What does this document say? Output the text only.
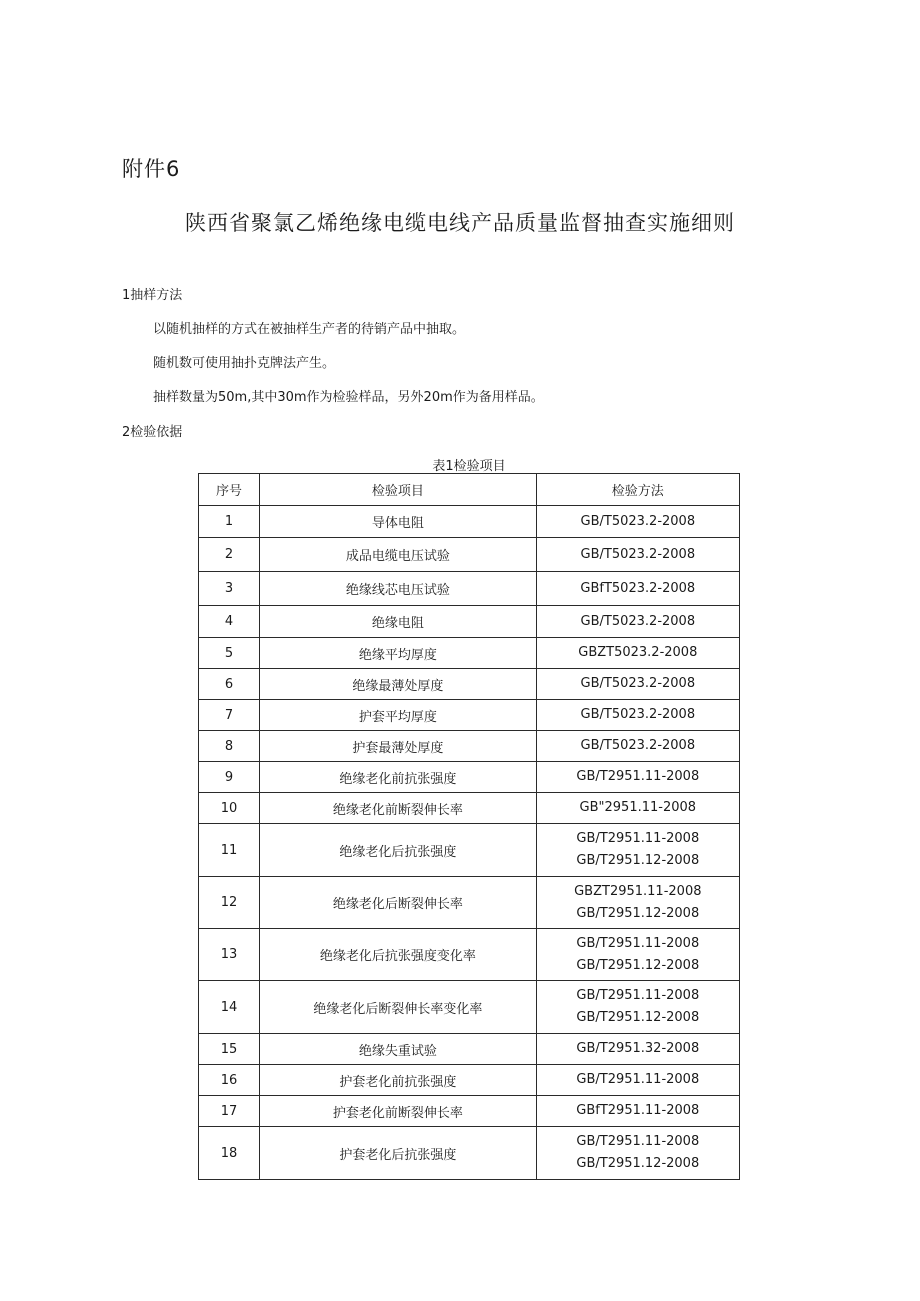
附件6
陕西省聚氯乙烯绝缘电缆电线产品质量监督抽查实施细则
1抽样方法

以随机抽样的方式在被抽样生产者的待销产品中抽取。

随机数可使用抽扑克牌法产生。

抽样数量为50m,其中30m作为检验样品，另外20m作为备用样品。

2检验依据

表1检验项目

序号	检验项目	检验方法
1	导体电阻	GB/T5023.2-2008

2	成品电缆电压试验	GB/T5023.2-2008

3	绝缘线芯电压试验	GBfT5023.2-2008

4	绝缘电阻	GB/T5023.2-2008

5	绝缘平均厚度	GBZT5023.2-2008

6	绝缘最薄处厚度	GB/T5023.2-2008

7	护套平均厚度	GB/T5023.2-2008

8	护套最薄处厚度	GB/T5023.2-2008

9	绝缘老化前抗张强度	GB/T2951.11-2008

10	绝缘老化前断裂伸长率	GB"2951.11-2008

11	绝缘老化后抗张强度	GB/T2951.11-2008
GB/T2951.12-2008

12	绝缘老化后断裂伸长率	GBZT2951.11-2008
GB/T2951.12-2008

13	绝缘老化后抗张强度变化率	GB/T2951.11-2008
GB/T2951.12-2008

14	绝缘老化后断裂伸长率变化率	GB/T2951.11-2008
GB/T2951.12-2008

15	绝缘失重试验	GB/T2951.32-2008

16	护套老化前抗张强度	GB/T2951.11-2008

17	护套老化前断裂伸长率	GBfT2951.11-2008

18	护套老化后抗张强度	GB/T2951.11-2008
GB/T2951.12-2008
